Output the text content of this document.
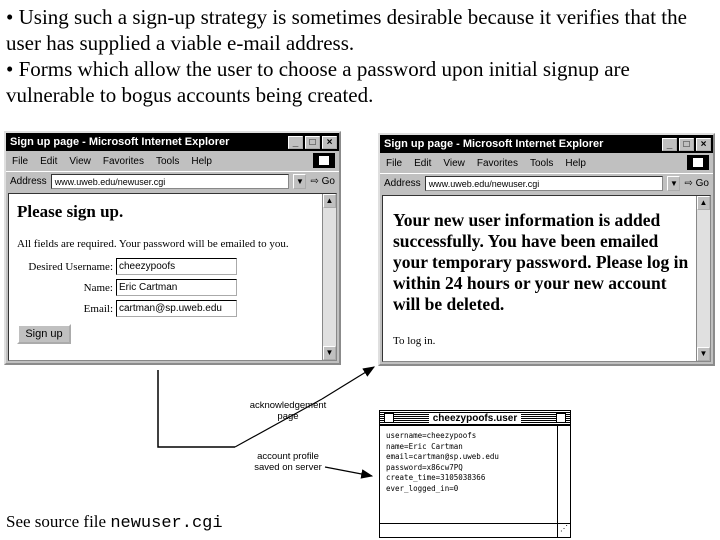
• Using such a sign-up strategy is sometimes desirable because it verifies that the user has supplied a viable e-mail address.

• Forms which allow the user to choose a password upon initial signup are vulnerable to bogus accounts being created.

Sign up page - Microsoft Internet Explorer	_	□	×
File Edit View Favorites Tools Help
Address www.uweb.edu/newuser.cgi	▼ ⇨ Go
Please sign up.
All fields are required. Your password will be emailed to you.
Desired Username: cheezypoofs
Name: Eric Cartman
Email: cartman@sp.uweb.edu
Sign up
▲
▼
Sign up page - Microsoft Internet Explorer	_	□	×
File Edit View Favorites Tools Help
Address www.uweb.edu/newuser.cgi	▼ ⇨ Go
Your new user information is added successfully. You have been emailed your temporary password. Please log in within 24 hours or your new account will be deleted.
To log in.
▲
▼
acknowledgement
page
account profile
saved on server
cheezypoofs.user
username=cheezypoofs
name=Eric Cartman
email=cartman@sp.uweb.edu
password=x86cw7PQ
create_time=3105038366
ever_logged_in=0
⋰
See source file newuser.cgi
